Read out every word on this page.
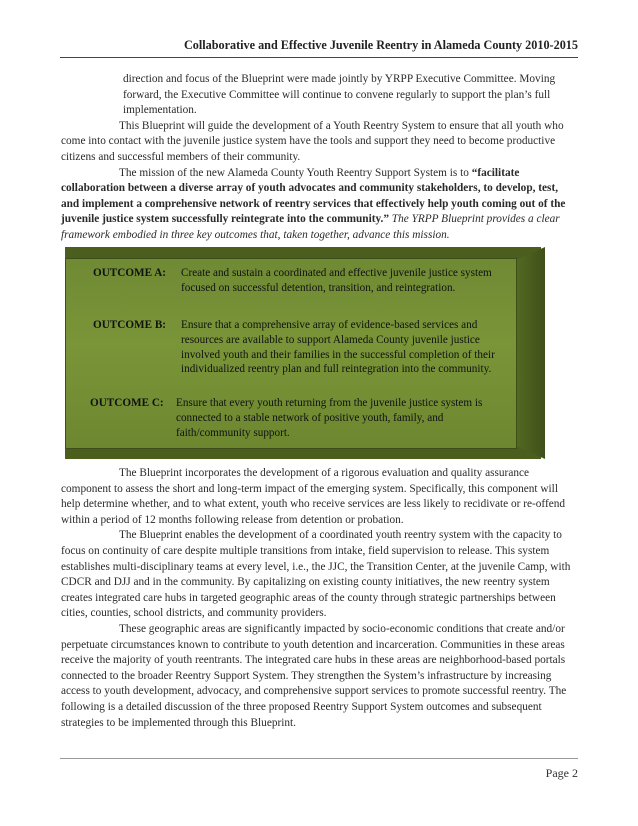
Collaborative and Effective Juvenile Reentry in Alameda County 2010-2015

direction and focus of the Blueprint were made jointly by YRPP Executive Committee. Moving forward, the Executive Committee will continue to convene regularly to support the plan’s full implementation.

This Blueprint will guide the development of a Youth Reentry System to ensure that all youth who come into contact with the juvenile justice system have the tools and support they need to become productive citizens and successful members of their community.

The mission of the new Alameda County Youth Reentry Support System is to “facilitate collaboration between a diverse array of youth advocates and community stakeholders, to develop, test, and implement a comprehensive network of reentry services that effectively help youth coming out of the juvenile justice system successfully reintegrate into the community.” The YRPP Blueprint provides a clear framework embodied in three key outcomes that, taken together, advance this mission.

OUTCOME A: Create and sustain a coordinated and effective juvenile justice system focused on successful detention, transition, and reintegration.
OUTCOME B: Ensure that a comprehensive array of evidence-based services and resources are available to support Alameda County juvenile justice involved youth and their families in the successful completion of their individualized reentry plan and full reintegration into the community.
OUTCOME C: Ensure that every youth returning from the juvenile justice system is connected to a stable network of positive youth, family, and faith/community support.

The Blueprint incorporates the development of a rigorous evaluation and quality assurance component to assess the short and long-term impact of the emerging system. Specifically, this component will help determine whether, and to what extent, youth who receive services are less likely to recidivate or re-offend within a period of 12 months following release from detention or probation.

The Blueprint enables the development of a coordinated youth reentry system with the capacity to focus on continuity of care despite multiple transitions from intake, field supervision to release. This system establishes multi-disciplinary teams at every level, i.e., the JJC, the Transition Center, at the juvenile Camp, with CDCR and DJJ and in the community. By capitalizing on existing county initiatives, the new reentry system creates integrated care hubs in targeted geographic areas of the county through strategic partnerships between cities, counties, school districts, and community providers.

These geographic areas are significantly impacted by socio-economic conditions that create and/or perpetuate circumstances known to contribute to youth detention and incarceration. Communities in these areas receive the majority of youth reentrants. The integrated care hubs in these areas are neighborhood-based portals connected to the broader Reentry Support System. They strengthen the System’s infrastructure by increasing access to youth development, advocacy, and comprehensive support services to promote successful reentry. The following is a detailed discussion of the three proposed Reentry Support System outcomes and subsequent strategies to be implemented through this Blueprint.

Page 2
